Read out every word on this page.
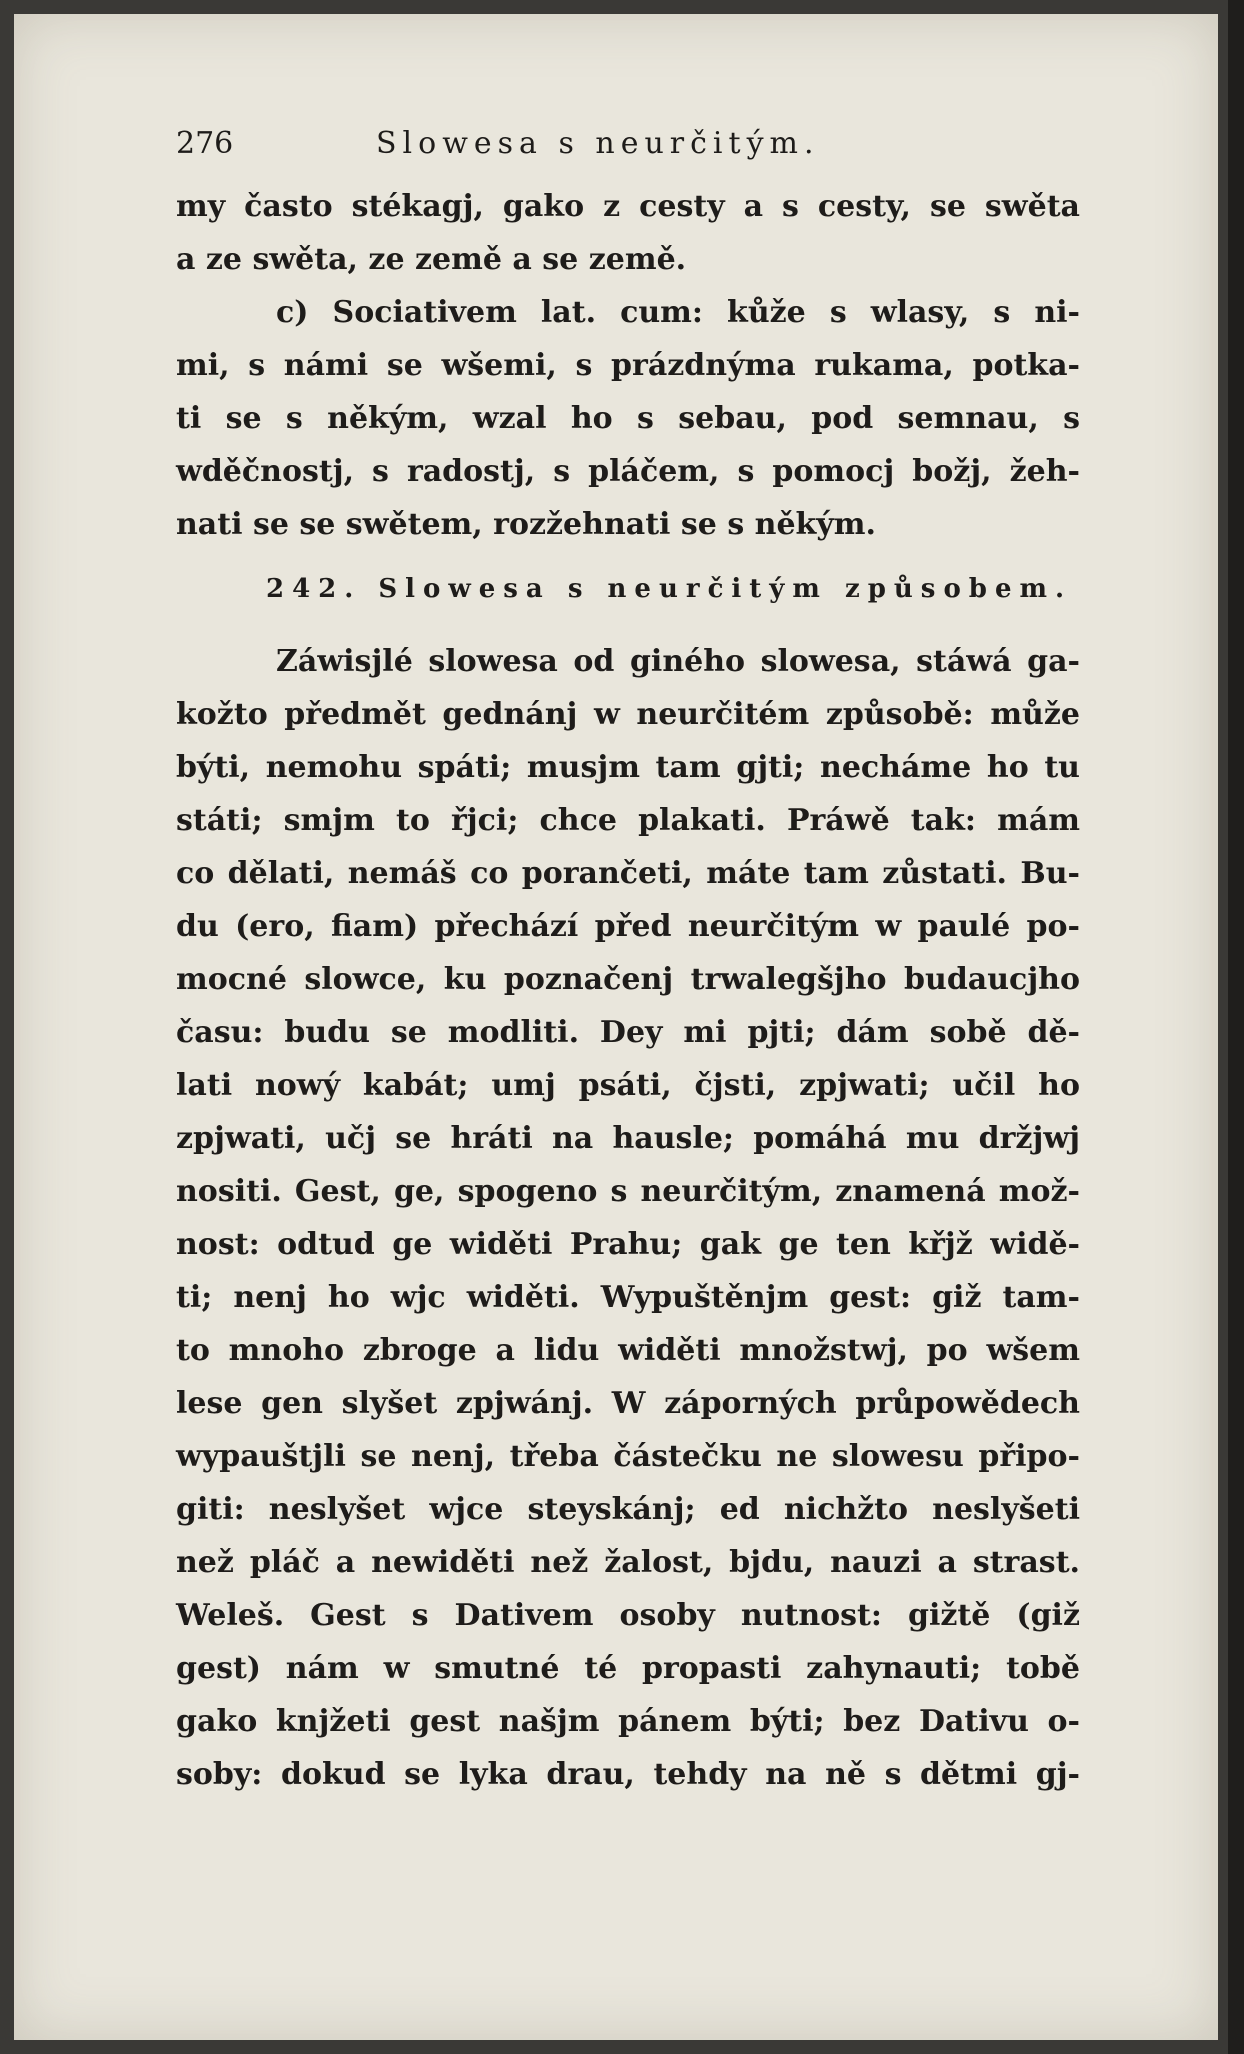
276	Slowesa s neurčitým.
my často stékagj, gako z cesty a s cesty, se swěta
a ze swěta, ze země a se země.
c) Sociativem lat. cum: kůže s wlasy, s ni-
mi, s námi se wšemi, s prázdnýma rukama, potka-
ti se s někým, wzal ho s sebau, pod semnau, s
wděčnostj, s radostj, s pláčem, s pomocj božj, žeh-
nati se se swětem, rozžehnati se s někým.
242. Slowesa s neurčitým způsobem.
Záwisjlé slowesa od giného slowesa, stáwá ga-
kožto předmět gednánj w neurčitém způsobě: může
býti, nemohu spáti; musjm tam gjti; necháme ho tu
státi; smjm to řjci; chce plakati. Práwě tak: mám
co dělati, nemáš co porančeti, máte tam zůstati. Bu-
du (ero, fiam) přechází před neurčitým w paulé po-
mocné slowce, ku poznačenj trwalegšjho budaucjho
času: budu se modliti. Dey mi pjti; dám sobě dě-
lati nowý kabát; umj psáti, čjsti, zpjwati; učil ho
zpjwati, učj se hráti na hausle; pomáhá mu držjwj
nositi. Gest, ge, spogeno s neurčitým, znamená mož-
nost: odtud ge widěti Prahu; gak ge ten křjž widě-
ti; nenj ho wjc widěti. Wypuštěnjm gest: giž tam-
to mnoho zbroge a lidu widěti množstwj, po wšem
lese gen slyšet zpjwánj. W záporných průpowědech
wypauštjli se nenj, třeba částečku ne slowesu připo-
giti: neslyšet wjce steyskánj; ed nichžto neslyšeti
než pláč a newiděti než žalost, bjdu, nauzi a strast.
Weleš. Gest s Dativem osoby nutnost: gižtě (giž
gest) nám w smutné té propasti zahynauti; tobě
gako knjžeti gest našjm pánem býti; bez Dativu o-
soby: dokud se lyka drau, tehdy na ně s dětmi gj-
